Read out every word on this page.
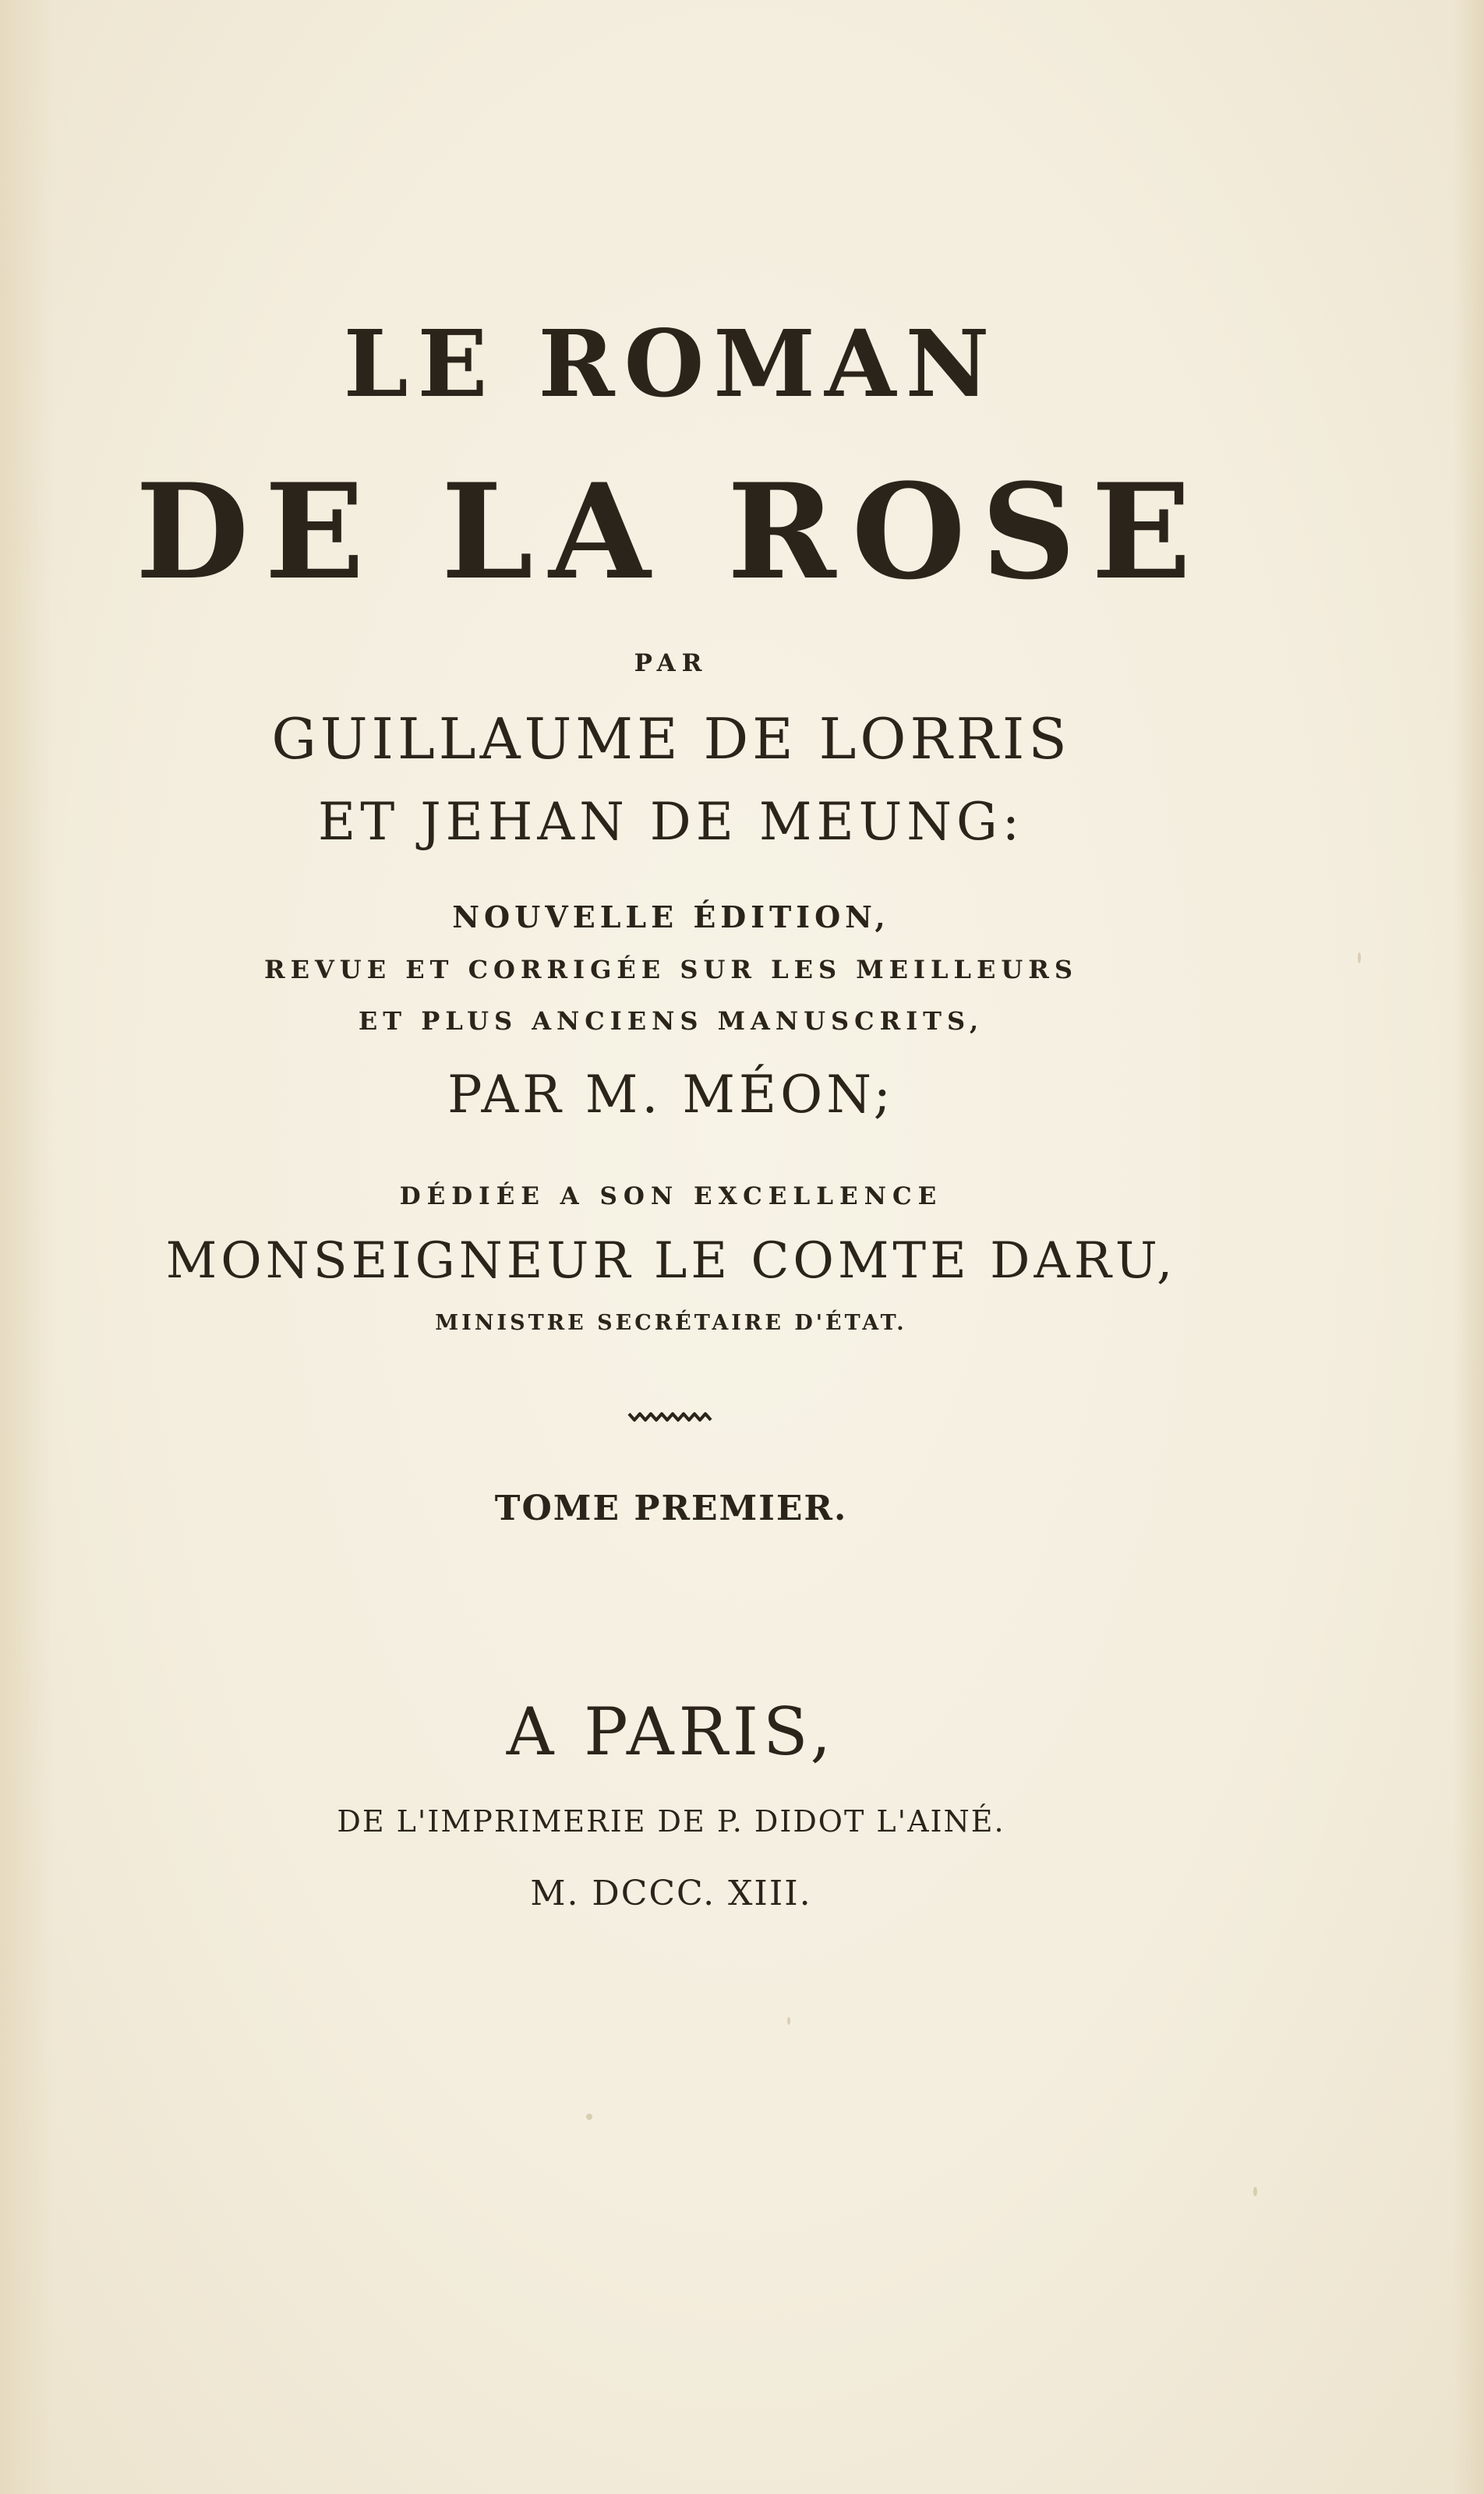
LE ROMAN
DE LA ROSE
PAR
GUILLAUME DE LORRIS
ET JEHAN DE MEUNG:
NOUVELLE ÉDITION,
REVUE ET CORRIGÉE SUR LES MEILLEURS
ET PLUS ANCIENS MANUSCRITS,
PAR M. MÉON;
DÉDIÉE A SON EXCELLENCE
MONSEIGNEUR LE COMTE DARU,
MINISTRE SECRÉTAIRE D'ÉTAT.
TOME PREMIER.
A PARIS,
DE L'IMPRIMERIE DE P. DIDOT L'AINÉ.
M. DCCC. XIII.
